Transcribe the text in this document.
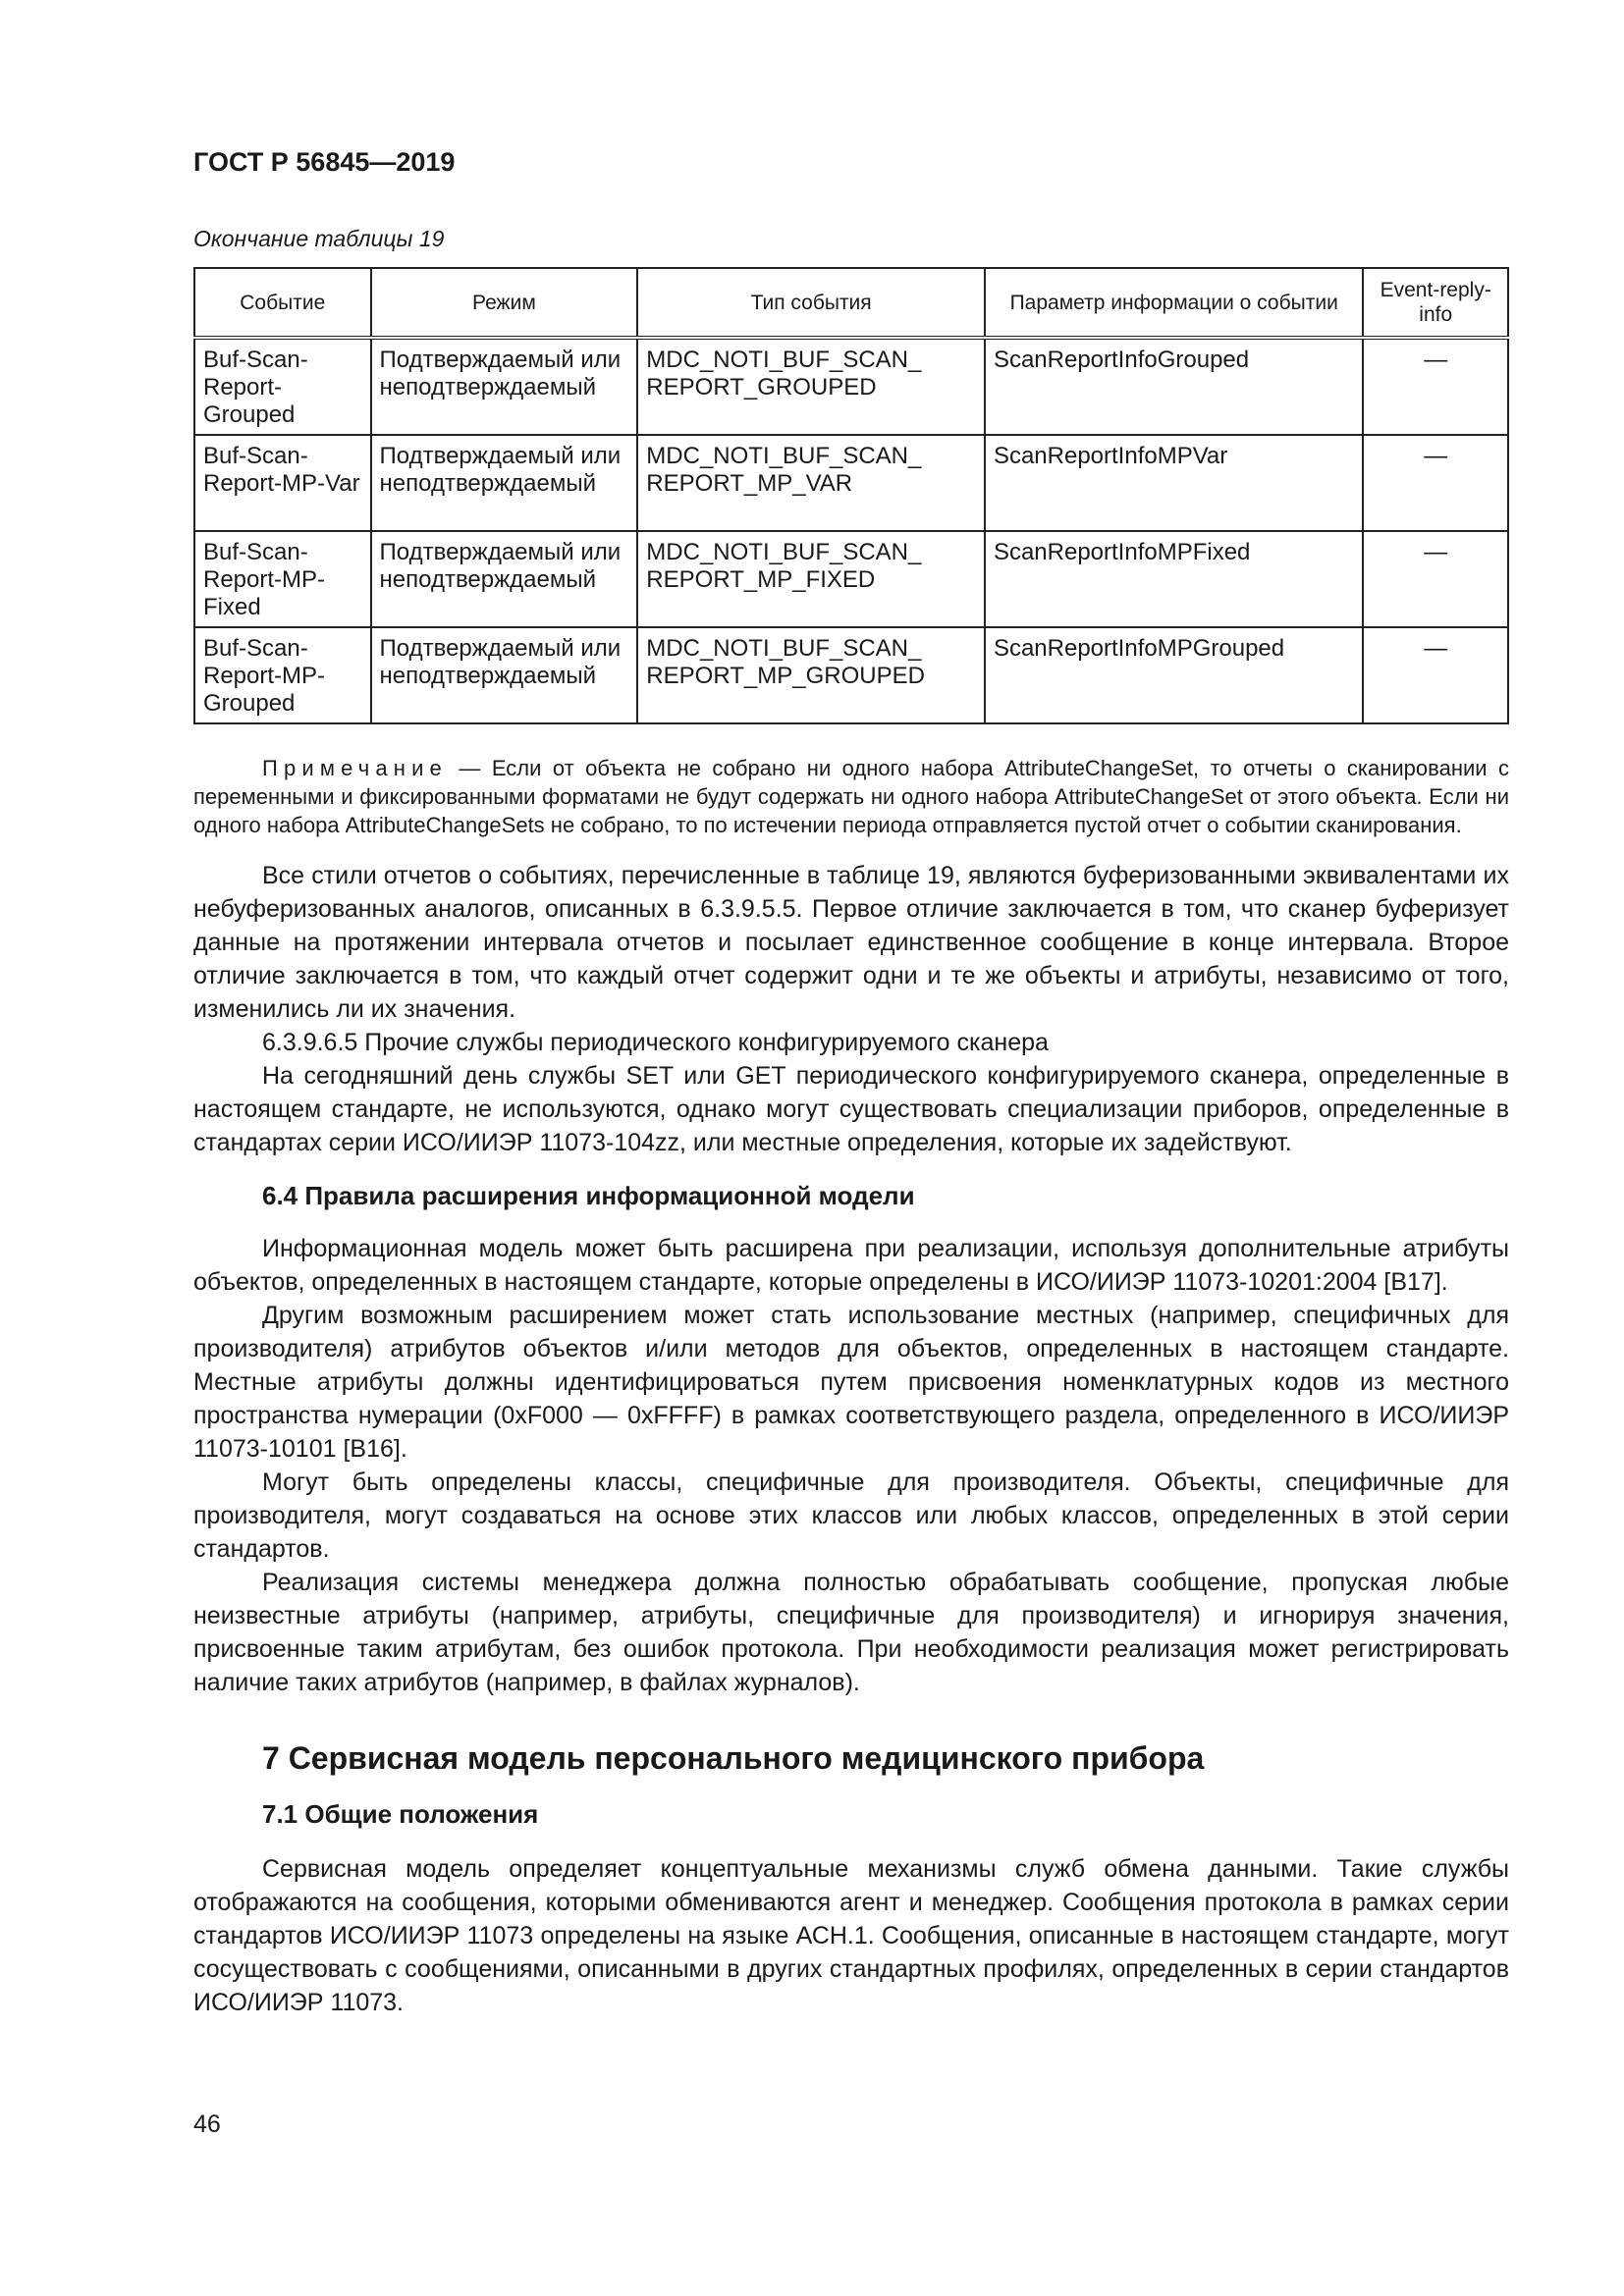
ГОСТ Р 56845—2019
Окончание таблицы 19
Событие	Режим	Тип события	Параметр информации о событии	Event-reply-info
Buf-Scan-Report-Grouped	Подтверждаемый или неподтверждаемый	MDC_NOTI_BUF_SCAN_ REPORT_GROUPED	ScanReportInfoGrouped	—
Buf-Scan-Report-MP-Var	Подтверждаемый или неподтверждаемый	MDC_NOTI_BUF_SCAN_ REPORT_MP_VAR	ScanReportInfoMPVar	—
Buf-Scan-Report-MP-Fixed	Подтверждаемый или неподтверждаемый	MDC_NOTI_BUF_SCAN_ REPORT_MP_FIXED	ScanReportInfoMPFixed	—
Buf-Scan-Report-MP-Grouped	Подтверждаемый или неподтверждаемый	MDC_NOTI_BUF_SCAN_ REPORT_MP_GROUPED	ScanReportInfoMPGrouped	—

Примечание — Если от объекта не собрано ни одного набора AttributeChangeSet, то отчеты о сканировании с переменными и фиксированными форматами не будут содержать ни одного набора AttributeChangeSet от этого объекта. Если ни одного набора AttributeChangeSets не собрано, то по истечении периода отправляется пустой отчет о событии сканирования.

Все стили отчетов о событиях, перечисленные в таблице 19, являются буферизованными эквивалентами их небуферизованных аналогов, описанных в 6.3.9.5.5. Первое отличие заключается в том, что сканер буферизует данные на протяжении интервала отчетов и посылает единственное сообщение в конце интервала. Второе отличие заключается в том, что каждый отчет содержит одни и те же объекты и атрибуты, независимо от того, изменились ли их значения.

6.3.9.6.5 Прочие службы периодического конфигурируемого сканера

На сегодняшний день службы SET или GET периодического конфигурируемого сканера, определенные в настоящем стандарте, не используются, однако могут существовать специализации приборов, определенные в стандартах серии ИСО/ИИЭР 11073-104zz, или местные определения, которые их задействуют.

6.4 Правила расширения информационной модели

Информационная модель может быть расширена при реализации, используя дополнительные атрибуты объектов, определенных в настоящем стандарте, которые определены в ИСО/ИИЭР 11073-10201:2004 [B17].

Другим возможным расширением может стать использование местных (например, специфичных для производителя) атрибутов объектов и/или методов для объектов, определенных в настоящем стандарте. Местные атрибуты должны идентифицироваться путем присвоения номенклатурных кодов из местного пространства нумерации (0xF000 — 0xFFFF) в рамках соответствующего раздела, определенного в ИСО/ИИЭР 11073-10101 [B16].

Могут быть определены классы, специфичные для производителя. Объекты, специфичные для производителя, могут создаваться на основе этих классов или любых классов, определенных в этой серии стандартов.

Реализация системы менеджера должна полностью обрабатывать сообщение, пропуская любые неизвестные атрибуты (например, атрибуты, специфичные для производителя) и игнорируя значения, присвоенные таким атрибутам, без ошибок протокола. При необходимости реализация может регистрировать наличие таких атрибутов (например, в файлах журналов).

7 Сервисная модель персонального медицинского прибора
7.1 Общие положения

Сервисная модель определяет концептуальные механизмы служб обмена данными. Такие службы отображаются на сообщения, которыми обмениваются агент и менеджер. Сообщения протокола в рамках серии стандартов ИСО/ИИЭР 11073 определены на языке АСН.1. Сообщения, описанные в настоящем стандарте, могут сосуществовать с сообщениями, описанными в других стандартных профилях, определенных в серии стандартов ИСО/ИИЭР 11073.

46
